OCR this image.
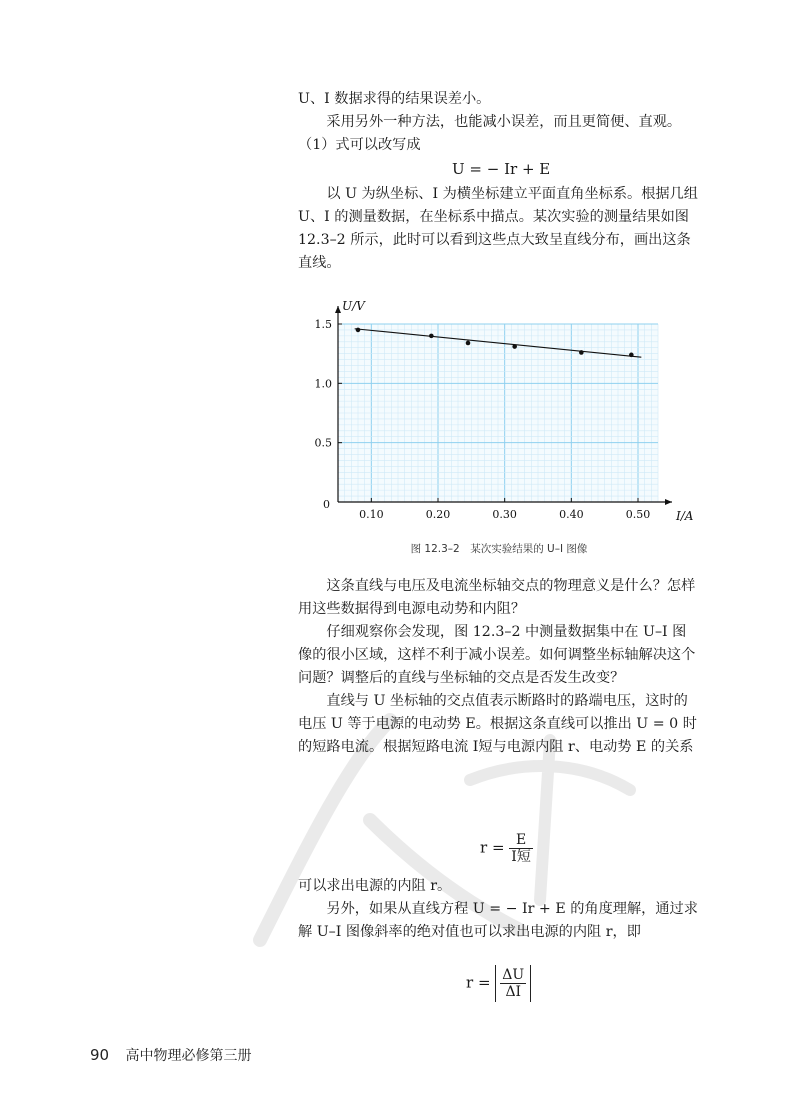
U、I 数据求得的结果误差小。

采用另外一种方法，也能减小误差，而且更简便、直观。

（1）式可以改写成

U = − Ir + E

以 U 为纵坐标、I 为横坐标建立平面直角坐标系。根据几组 U、I 的测量数据，在坐标系中描点。某次实验的测量结果如图 12.3–2 所示，此时可以看到这些点大致呈直线分布，画出这条直线。

0.10	0.20	0.30	0.40	0.50
0
0.5
1.0
1.5
I/A
U/V
图 12.3–2　某次实验结果的 U–I 图像

这条直线与电压及电流坐标轴交点的物理意义是什么？怎样用这些数据得到电源电动势和内阻？

仔细观察你会发现，图 12.3–2 中测量数据集中在 U–I 图像的很小区域，这样不利于减小误差。如何调整坐标轴解决这个问题？调整后的直线与坐标轴的交点是否发生改变？

直线与 U 坐标轴的交点值表示断路时的路端电压，这时的电压 U 等于电源的电动势 E。根据这条直线可以推出 U = 0 时的短路电流。根据短路电流 I短与电源内阻 r、电动势 E 的关系

$r = \frac{E}{\text{I短}}$

可以求出电源的内阻 r。

另外，如果从直线方程 U = − Ir + E 的角度理解，通过求解 U–I 图像斜率的绝对值也可以求出电源的内阻 r，即

$r = \frac{\Delta U}{\Delta I}$
90 高中物理必修第三册
